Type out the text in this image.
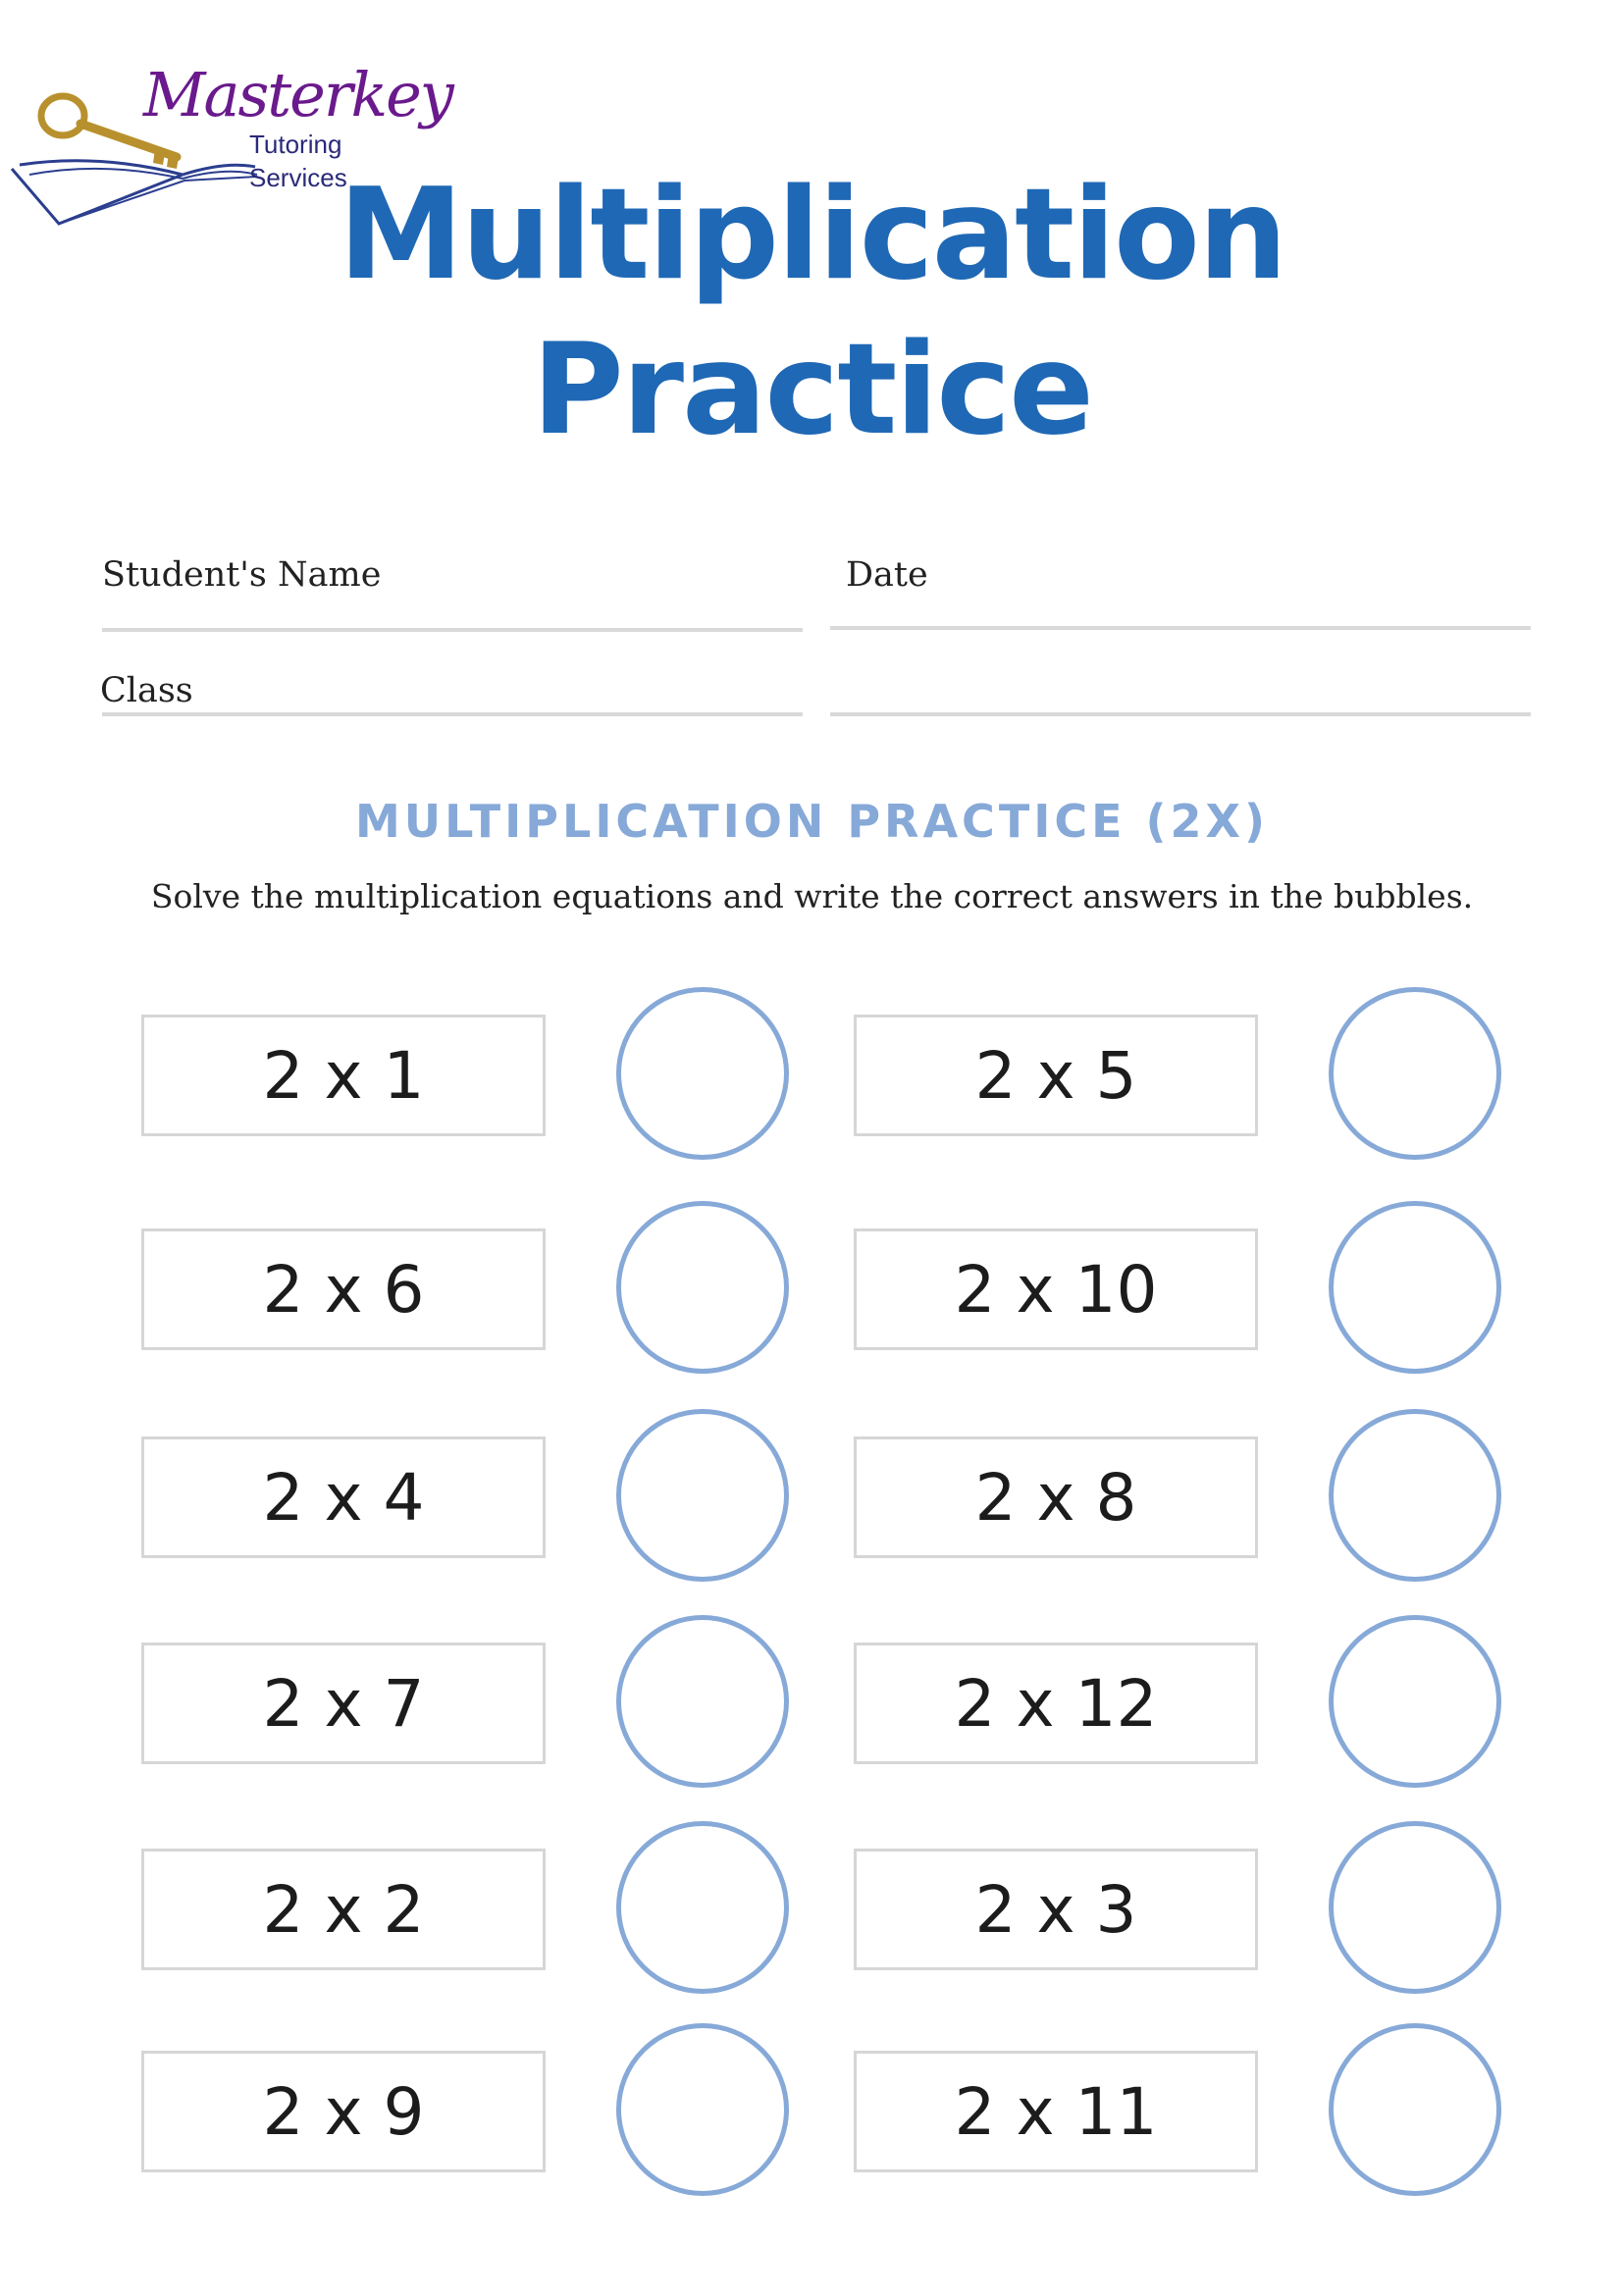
Masterkey
Tutoring
Services
Multiplication
Practice
Student's Name	Date
Class
MULTIPLICATION PRACTICE (2X)
Solve the multiplication equations and write the correct answers in the bubbles.
2 x 1	2 x 5
2 x 6	2 x 10
2 x 4	2 x 8
2 x 7	2 x 12
2 x 2	2 x 3
2 x 9	2 x 11
